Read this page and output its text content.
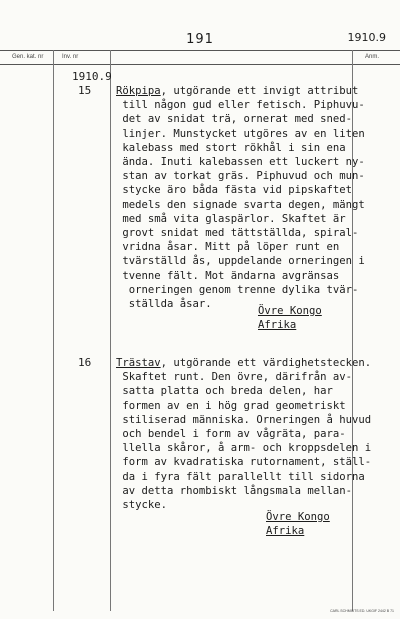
191	1910.9
Gen. kat. nr	Inv. nr	Anm.
1910.9
15 Rökpipa, utgörande ett invigt attribut
till någon gud eller fetisch. Piphuvu-
det av snidat trä, ornerat med sned-
linjer. Munstycket utgöres av en liten
kalebass med stort rökhål i sin ena
ända. Inuti kalebassen ett luckert ny-
stan av torkat gräs. Piphuvud och mun-
stycke äro båda fästa vid pipskaftet
medels den signade svarta degen, mängt
med små vita glaspärlor. Skaftet är
grovt snidat med tättställda, spiral-
vridna åsar. Mitt på löper runt en
tvärställd ås, uppdelande orneringen i
tvenne fält. Mot ändarna avgränsas
orneringen genom trenne dylika tvär-
ställda åsar.
Övre Kongo
Afrika
16 Trästav, utgörande ett värdighetstecken.
Skaftet runt. Den övre, därifrån av-
satta platta och breda delen, har
formen av en i hög grad geometriskt
stiliserad människa. Orneringen å huvud
och bendel i form av vågräta, para-
llella skåror, å arm- och kroppsdelen i
form av kvadratiska rutornament, ställ-
da i fyra fält parallellt till sidorna
av detta rhombiskt långsmala mellan-
stycke.
Övre Kongo
Afrika
CARL SCHMIDTS ED. UKGIF 2442 B 71
